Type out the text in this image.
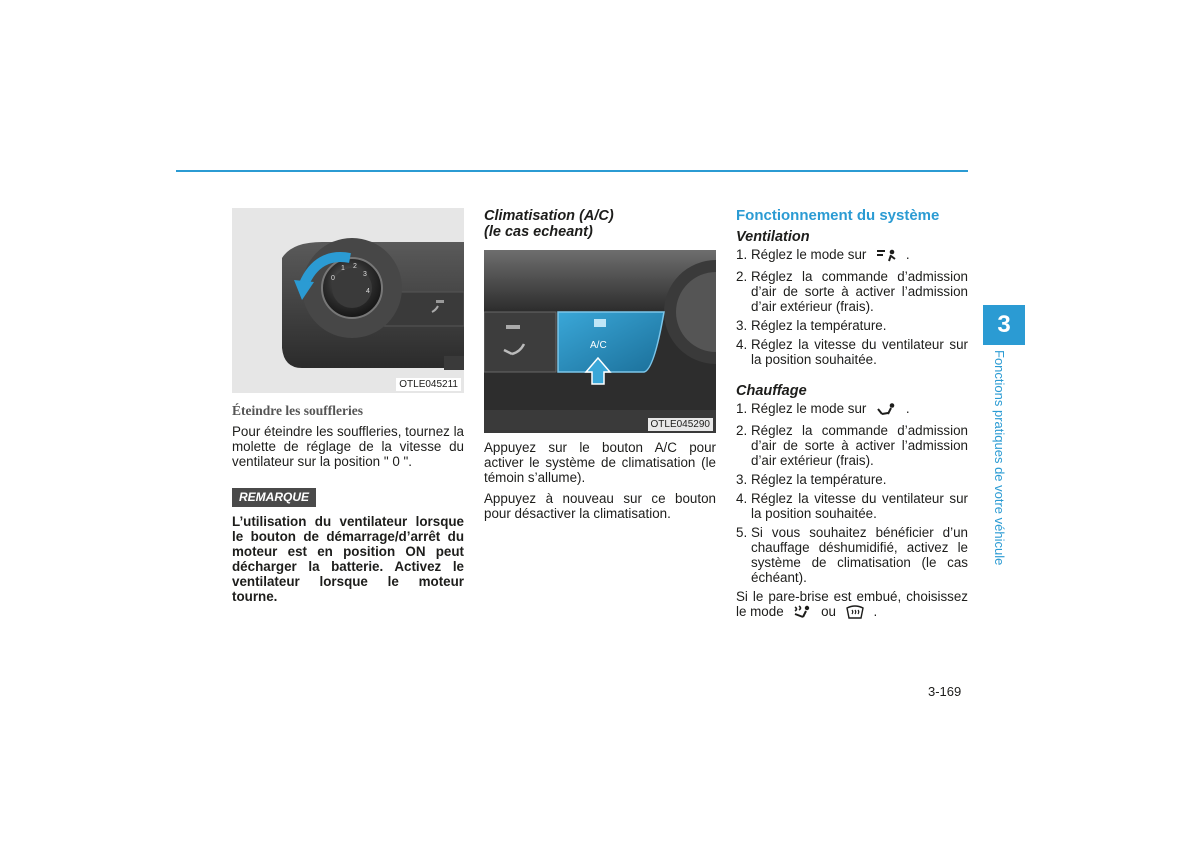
0
1 2
3
4
OTLE045211
Éteindre les souffleries

Pour éteindre les souffleries, tournez la molette de réglage de la vitesse du ventilateur sur la position " 0 ".

REMARQUE

L’utilisation du ventilateur lorsque le bouton de démarrage/d’arrêt du moteur est en position ON peut décharger la batterie. Activez le ventilateur lorsque le moteur tourne.

Climatisation (A/C)
(le cas echeant)
A/C
OTLE045290

Appuyez sur le bouton A/C pour activer le système de climatisation (le témoin s’allume).

Appuyez à nouveau sur ce bouton pour désactiver la climatisation.

Fonctionnement du système
Ventilation
1. Réglez le mode sur	.
2. Réglez la commande d’admission d’air de sorte à activer l’admission d’air extérieur (frais).
3. Réglez la température.
4. Réglez la vitesse du ventilateur sur la position souhaitée.
Chauffage
1. Réglez le mode sur	.
2. Réglez la commande d’admission d’air de sorte à activer l’admission d’air extérieur (frais).
3. Réglez la température.
4. Réglez la vitesse du ventilateur sur la position souhaitée.
5. Si vous souhaitez bénéficier d’un chauffage déshumidifié, activez le système de climatisation (le cas échéant).

Si le pare-brise est embué, choisissez le mode	ou	.

3
Fonctions pratiques de votre véhicule
3-169
